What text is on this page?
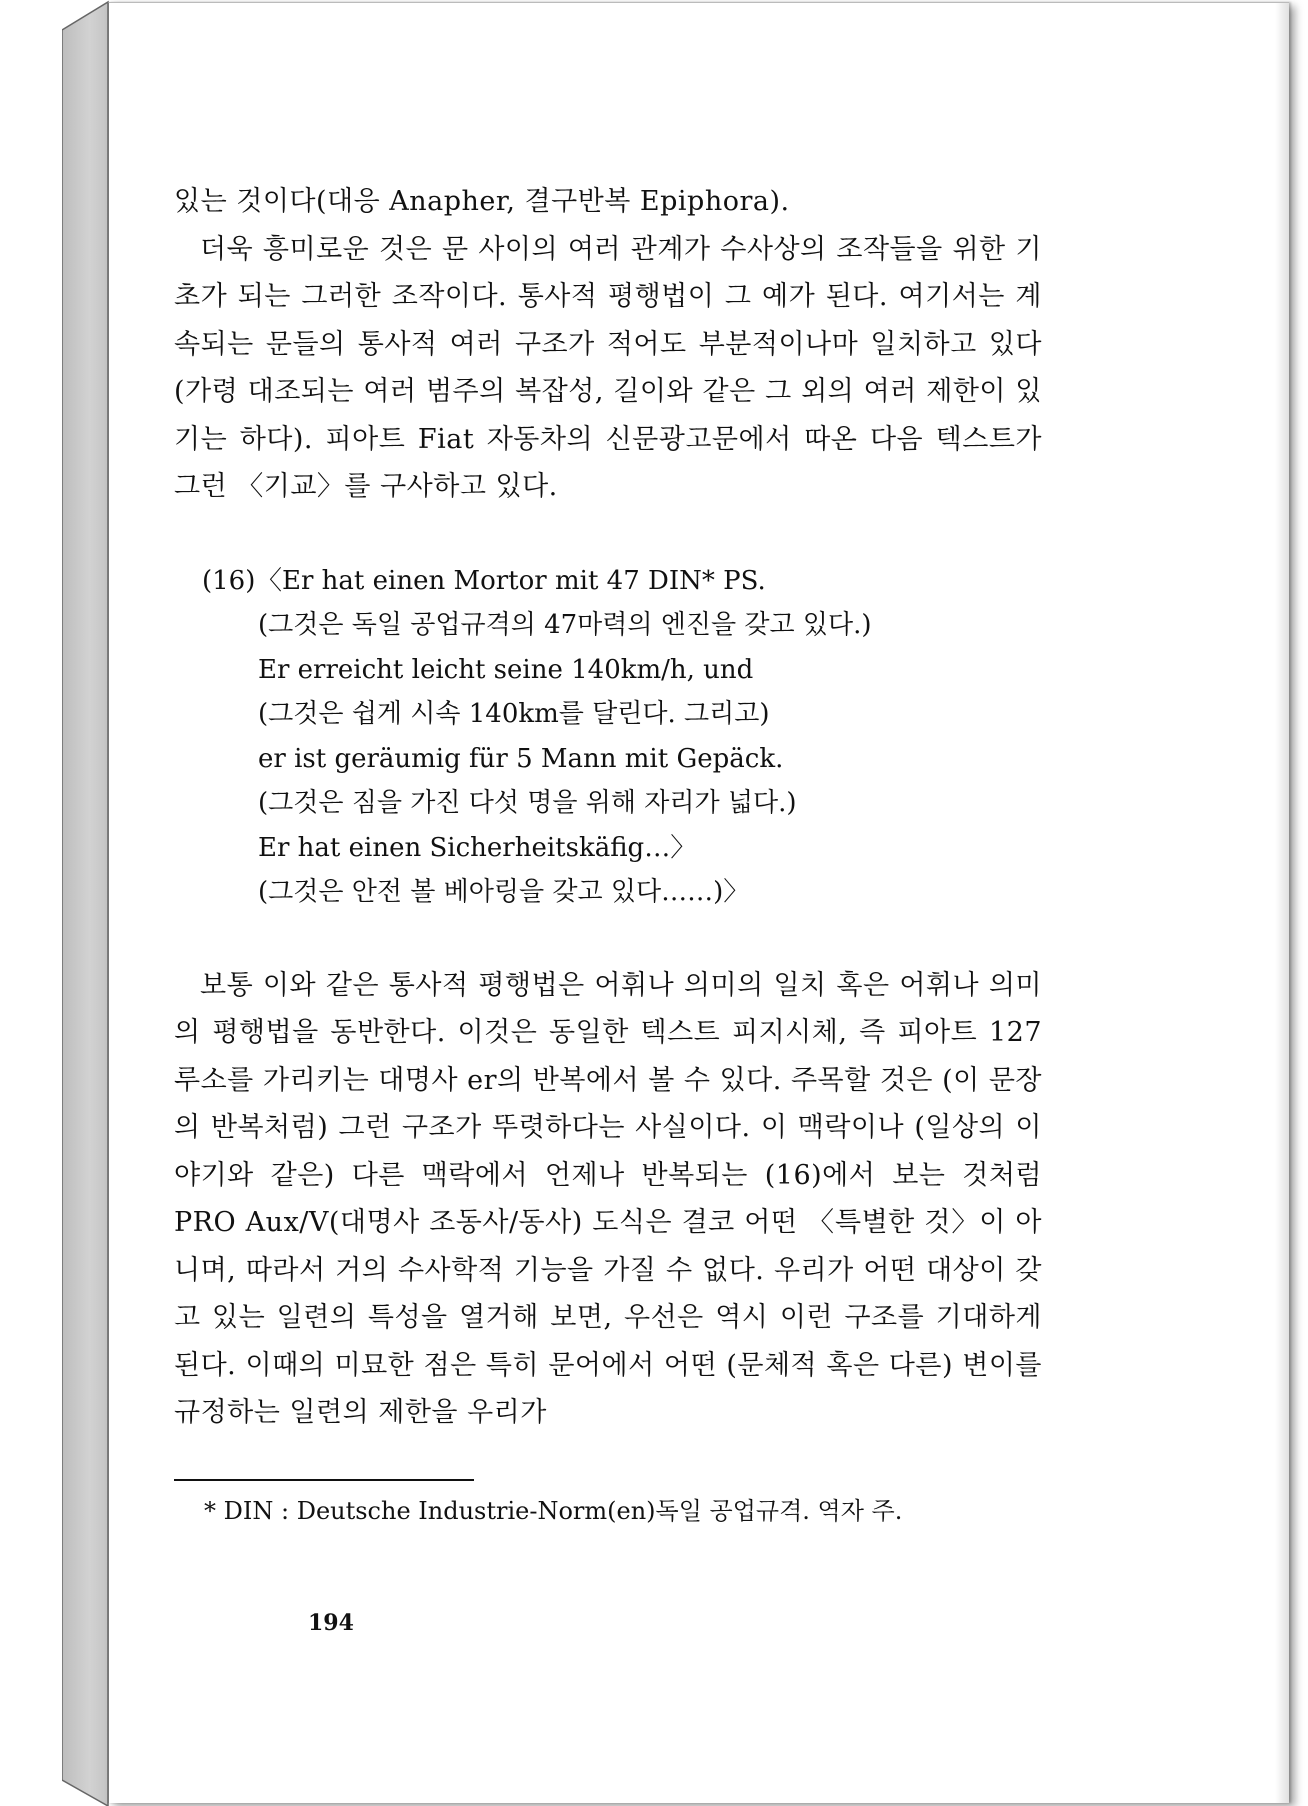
있는 것이다(대응 Anapher, 결구반복 Epiphora).

더욱 흥미로운 것은 문 사이의 여러 관계가 수사상의 조작들을 위한 기초가 되는 그러한 조작이다. 통사적 평행법이 그 예가 된다. 여기서는 계속되는 문들의 통사적 여러 구조가 적어도 부분적이나마 일치하고 있다(가령 대조되는 여러 범주의 복잡성, 길이와 같은 그 외의 여러 제한이 있기는 하다). 피아트 Fiat 자동차의 신문광고문에서 따온 다음 텍스트가 그런 〈기교〉를 구사하고 있다.

(16) 〈Er hat einen Mortor mit 47 DIN* PS.
(그것은 독일 공업규격의 47마력의 엔진을 갖고 있다.)
Er erreicht leicht seine 140km/h, und
(그것은 쉽게 시속 140km를 달린다. 그리고)
er ist geräumig für 5 Mann mit Gepäck.
(그것은 짐을 가진 다섯 명을 위해 자리가 넓다.)
Er hat einen Sicherheitskäfig…〉
(그것은 안전 볼 베아링을 갖고 있다……)〉

보통 이와 같은 통사적 평행법은 어휘나 의미의 일치 혹은 어휘나 의미의 평행법을 동반한다. 이것은 동일한 텍스트 피지시체, 즉 피아트 127 루소를 가리키는 대명사 er의 반복에서 볼 수 있다. 주목할 것은 (이 문장의 반복처럼) 그런 구조가 뚜렷하다는 사실이다. 이 맥락이나 (일상의 이야기와 같은) 다른 맥락에서 언제나 반복되는 (16)에서 보는 것처럼 PRO Aux/V(대명사 조동사/동사) 도식은 결코 어떤 〈특별한 것〉이 아니며, 따라서 거의 수사학적 기능을 가질 수 없다. 우리가 어떤 대상이 갖고 있는 일련의 특성을 열거해 보면, 우선은 역시 이런 구조를 기대하게 된다. 이때의 미묘한 점은 특히 문어에서 어떤 (문체적 혹은 다른) 변이를 규정하는 일련의 제한을 우리가

* DIN : Deutsche Industrie-Norm(en)독일 공업규격. 역자 주.
194
